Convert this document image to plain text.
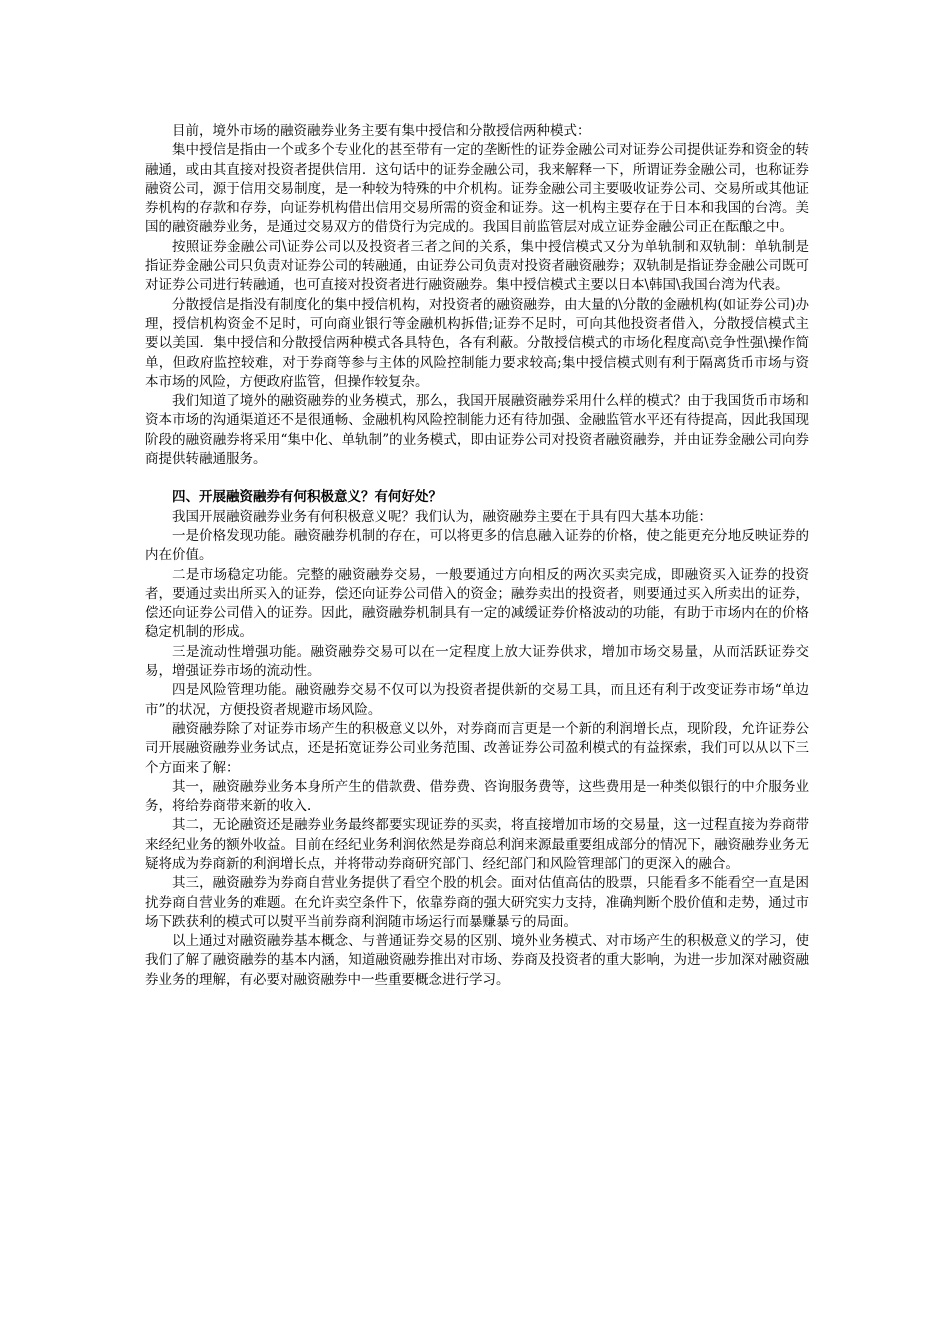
目前，境外市场的融资融券业务主要有集中授信和分散授信两种模式：

集中授信是指由一个或多个专业化的甚至带有一定的垄断性的证券金融公司对证券公司提供证券和资金的转融通，或由其直接对投资者提供信用．这句话中的证券金融公司，我来解释一下，所谓证券金融公司，也称证券融资公司，源于信用交易制度，是一种较为特殊的中介机构。证券金融公司主要吸收证券公司、交易所或其他证券机构的存款和存券，向证券机构借出信用交易所需的资金和证券。这一机构主要存在于日本和我国的台湾。美国的融资融券业务，是通过交易双方的借贷行为完成的。我国目前监管层对成立证券金融公司正在酝酿之中。

按照证券金融公司\证券公司以及投资者三者之间的关系，集中授信模式又分为单轨制和双轨制：单轨制是指证券金融公司只负责对证券公司的转融通，由证券公司负责对投资者融资融券；双轨制是指证券金融公司既可对证券公司进行转融通，也可直接对投资者进行融资融券。集中授信模式主要以日本\韩国\我国台湾为代表。

分散授信是指没有制度化的集中授信机构，对投资者的融资融券，由大量的\分散的金融机构(如证券公司)办理，授信机构资金不足时，可向商业银行等金融机构拆借;证券不足时，可向其他投资者借入，分散授信模式主要以美国．集中授信和分散授信两种模式各具特色，各有利蔽。分散授信模式的市场化程度高\竞争性强\操作简单，但政府监控较难，对于券商等参与主体的风险控制能力要求较高;集中授信模式则有利于隔离货币市场与资本市场的风险，方便政府监管，但操作较复杂。

我们知道了境外的融资融券的业务模式，那么，我国开展融资融券采用什么样的模式？由于我国货币市场和资本市场的沟通渠道还不是很通畅、金融机构风险控制能力还有待加强、金融监管水平还有待提高，因此我国现阶段的融资融券将采用“集中化、单轨制”的业务模式，即由证券公司对投资者融资融券，并由证券金融公司向券商提供转融通服务。

四、开展融资融券有何积极意义？有何好处？

我国开展融资融券业务有何积极意义呢？我们认为，融资融券主要在于具有四大基本功能：

一是价格发现功能。融资融券机制的存在，可以将更多的信息融入证券的价格，使之能更充分地反映证券的内在价值。

二是市场稳定功能。完整的融资融券交易，一般要通过方向相反的两次买卖完成，即融资买入证券的投资者，要通过卖出所买入的证券，偿还向证券公司借入的资金；融券卖出的投资者，则要通过买入所卖出的证券，偿还向证券公司借入的证券。因此，融资融券机制具有一定的减缓证券价格波动的功能，有助于市场内在的价格稳定机制的形成。

三是流动性增强功能。融资融券交易可以在一定程度上放大证券供求，增加市场交易量，从而活跃证券交易，增强证券市场的流动性。

四是风险管理功能。融资融券交易不仅可以为投资者提供新的交易工具，而且还有利于改变证券市场“单边市”的状况，方便投资者规避市场风险。

融资融券除了对证券市场产生的积极意义以外，对券商而言更是一个新的利润增长点，现阶段，允许证券公司开展融资融券业务试点，还是拓宽证券公司业务范围、改善证券公司盈利模式的有益探索，我们可以从以下三个方面来了解：

其一，融资融券业务本身所产生的借款费、借券费、咨询服务费等，这些费用是一种类似银行的中介服务业务，将给券商带来新的收入．

其二，无论融资还是融券业务最终都要实现证券的买卖，将直接增加市场的交易量，这一过程直接为券商带来经纪业务的额外收益。目前在经纪业务利润依然是券商总利润来源最重要组成部分的情况下，融资融券业务无疑将成为券商新的利润增长点，并将带动券商研究部门、经纪部门和风险管理部门的更深入的融合。

其三，融资融券为券商自营业务提供了看空个股的机会。面对估值高估的股票，只能看多不能看空一直是困扰券商自营业务的难题。在允许卖空条件下，依靠券商的强大研究实力支持，准确判断个股价值和走势，通过市场下跌获利的模式可以熨平当前券商利润随市场运行而暴赚暴亏的局面。

以上通过对融资融券基本概念、与普通证券交易的区别、境外业务模式、对市场产生的积极意义的学习，使我们了解了融资融券的基本内涵，知道融资融券推出对市场、券商及投资者的重大影响，为进一步加深对融资融券业务的理解，有必要对融资融券中一些重要概念进行学习。
